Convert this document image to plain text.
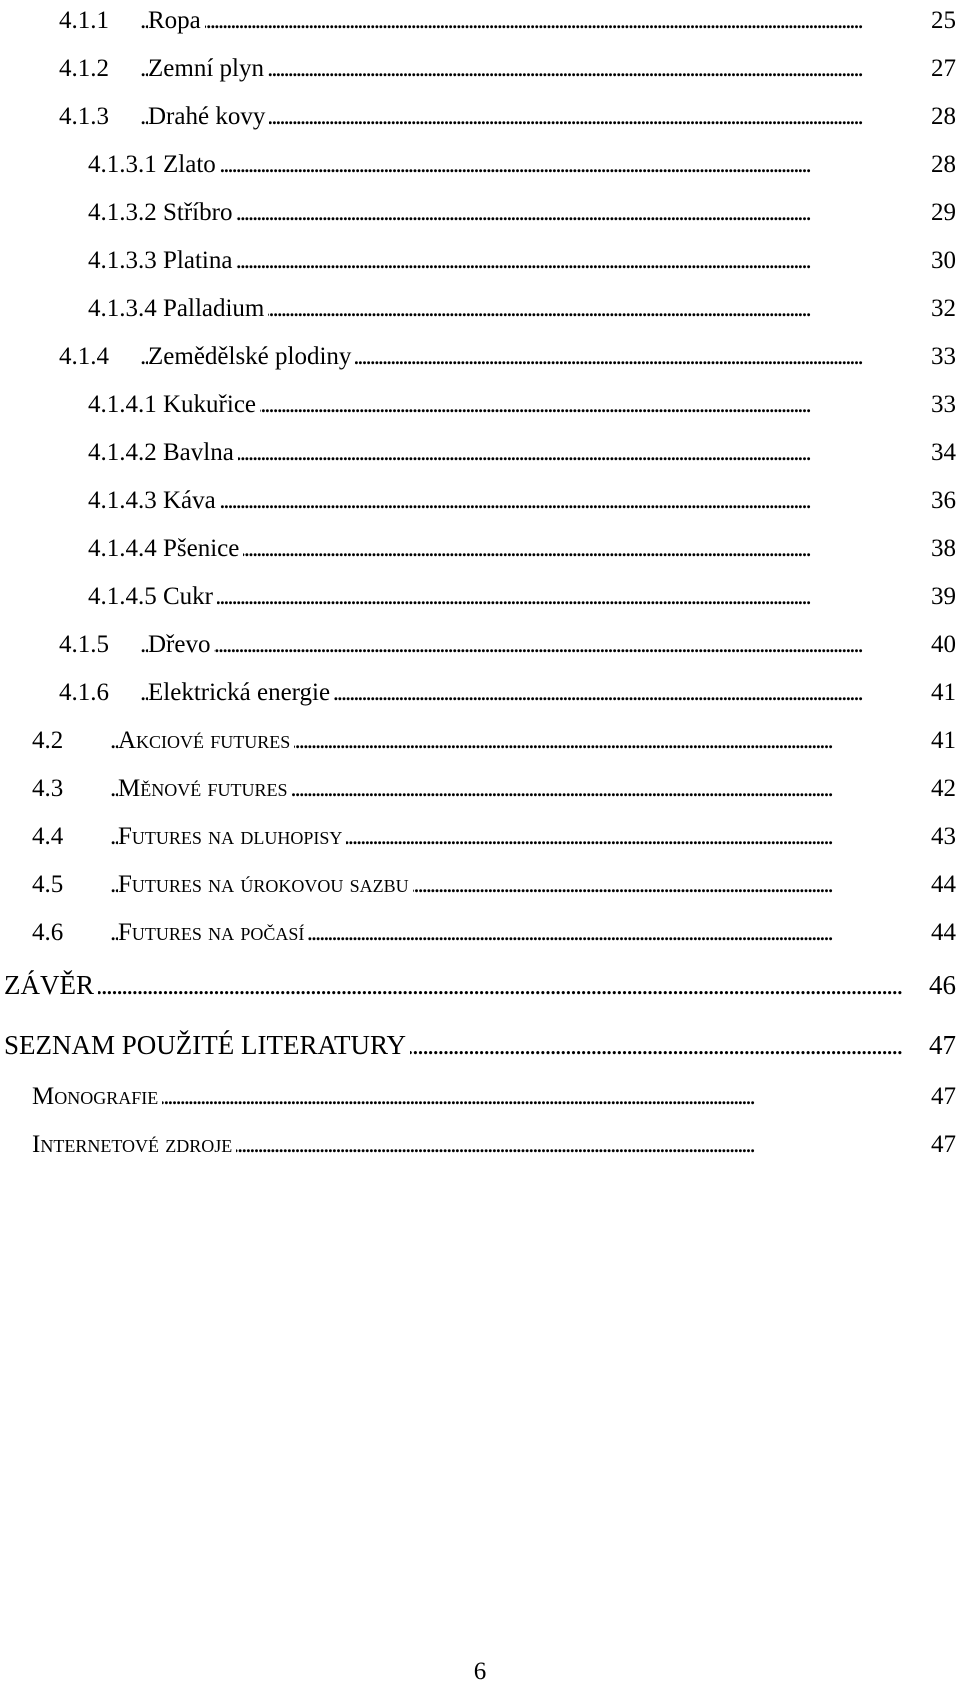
4.1.1 . . . Ropa	25
4.1.2 . . . Zemní plyn	27
4.1.3 . . . Drahé kovy	28
. . .
4.1.3.1 Zlato	28
. . .
4.1.3.2 Stříbro	29
. . .
4.1.3.3 Platina	30
. . .
4.1.3.4 Palladium	32
4.1.4 . . . Zemědělské plodiny	33
. . .
4.1.4.1 Kukuřice	33
. . .
4.1.4.2 Bavlna	34
. . .
4.1.4.3 Káva	36
. . .
4.1.4.4 Pšenice	38
. . .
4.1.4.5 Cukr	39
4.1.5 . . . Dřevo	40
4.1.6 . . . Elektrická energie	41
4.2 . . . Akciové futures	41
4.3 . . . Měnové futures	42
4.4 . . . Futures na dluhopisy	43
4.5 . . . Futures na úrokovou sazbu	44
4.6 . . . Futures na počasí	44
. . .
ZÁVĚR	46
. . .
SEZNAM POUŽITÉ LITERATURY	47
. . .
Monografie	47
. . .
Internetové zdroje	47
6
